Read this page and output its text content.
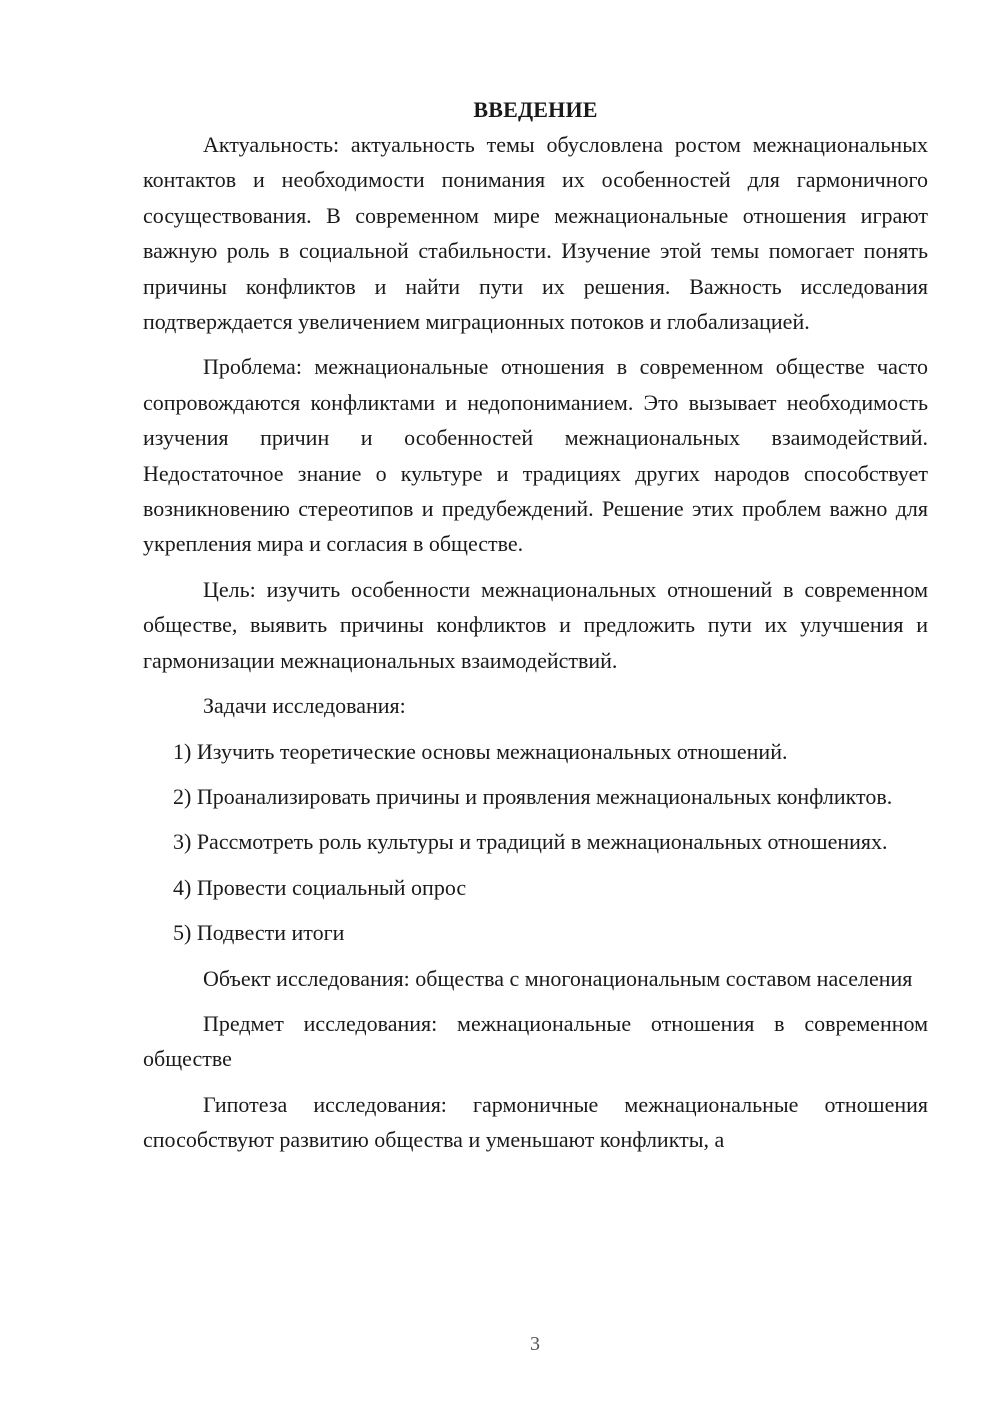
ВВЕДЕНИЕ

Актуальность: актуальность темы обусловлена ростом межнациональных контактов и необходимости понимания их особенностей для гармоничного сосуществования. В современном мире межнациональные отношения играют важную роль в социальной стабильности. Изучение этой темы помогает понять причины конфликтов и найти пути их решения. Важность исследования подтверждается увеличением миграционных потоков и глобализацией.

Проблема: межнациональные отношения в современном обществе часто сопровождаются конфликтами и недопониманием. Это вызывает необходимость изучения причин и особенностей межнациональных взаимодействий. Недостаточное знание о культуре и традициях других народов способствует возникновению стереотипов и предубеждений. Решение этих проблем важно для укрепления мира и согласия в обществе.

Цель: изучить особенности межнациональных отношений в современном обществе, выявить причины конфликтов и предложить пути их улучшения и гармонизации межнациональных взаимодействий.

Задачи исследования:

1) Изучить теоретические основы межнациональных отношений.

2) Проанализировать причины и проявления межнациональных конфликтов.

3) Рассмотреть роль культуры и традиций в межнациональных отношениях.

4) Провести социальный опрос

5) Подвести итоги

Объект исследования: общества с многонациональным составом населения

Предмет исследования: межнациональные отношения в современном обществе

Гипотеза исследования: гармоничные межнациональные отношения способствуют развитию общества и уменьшают конфликты, а

3
